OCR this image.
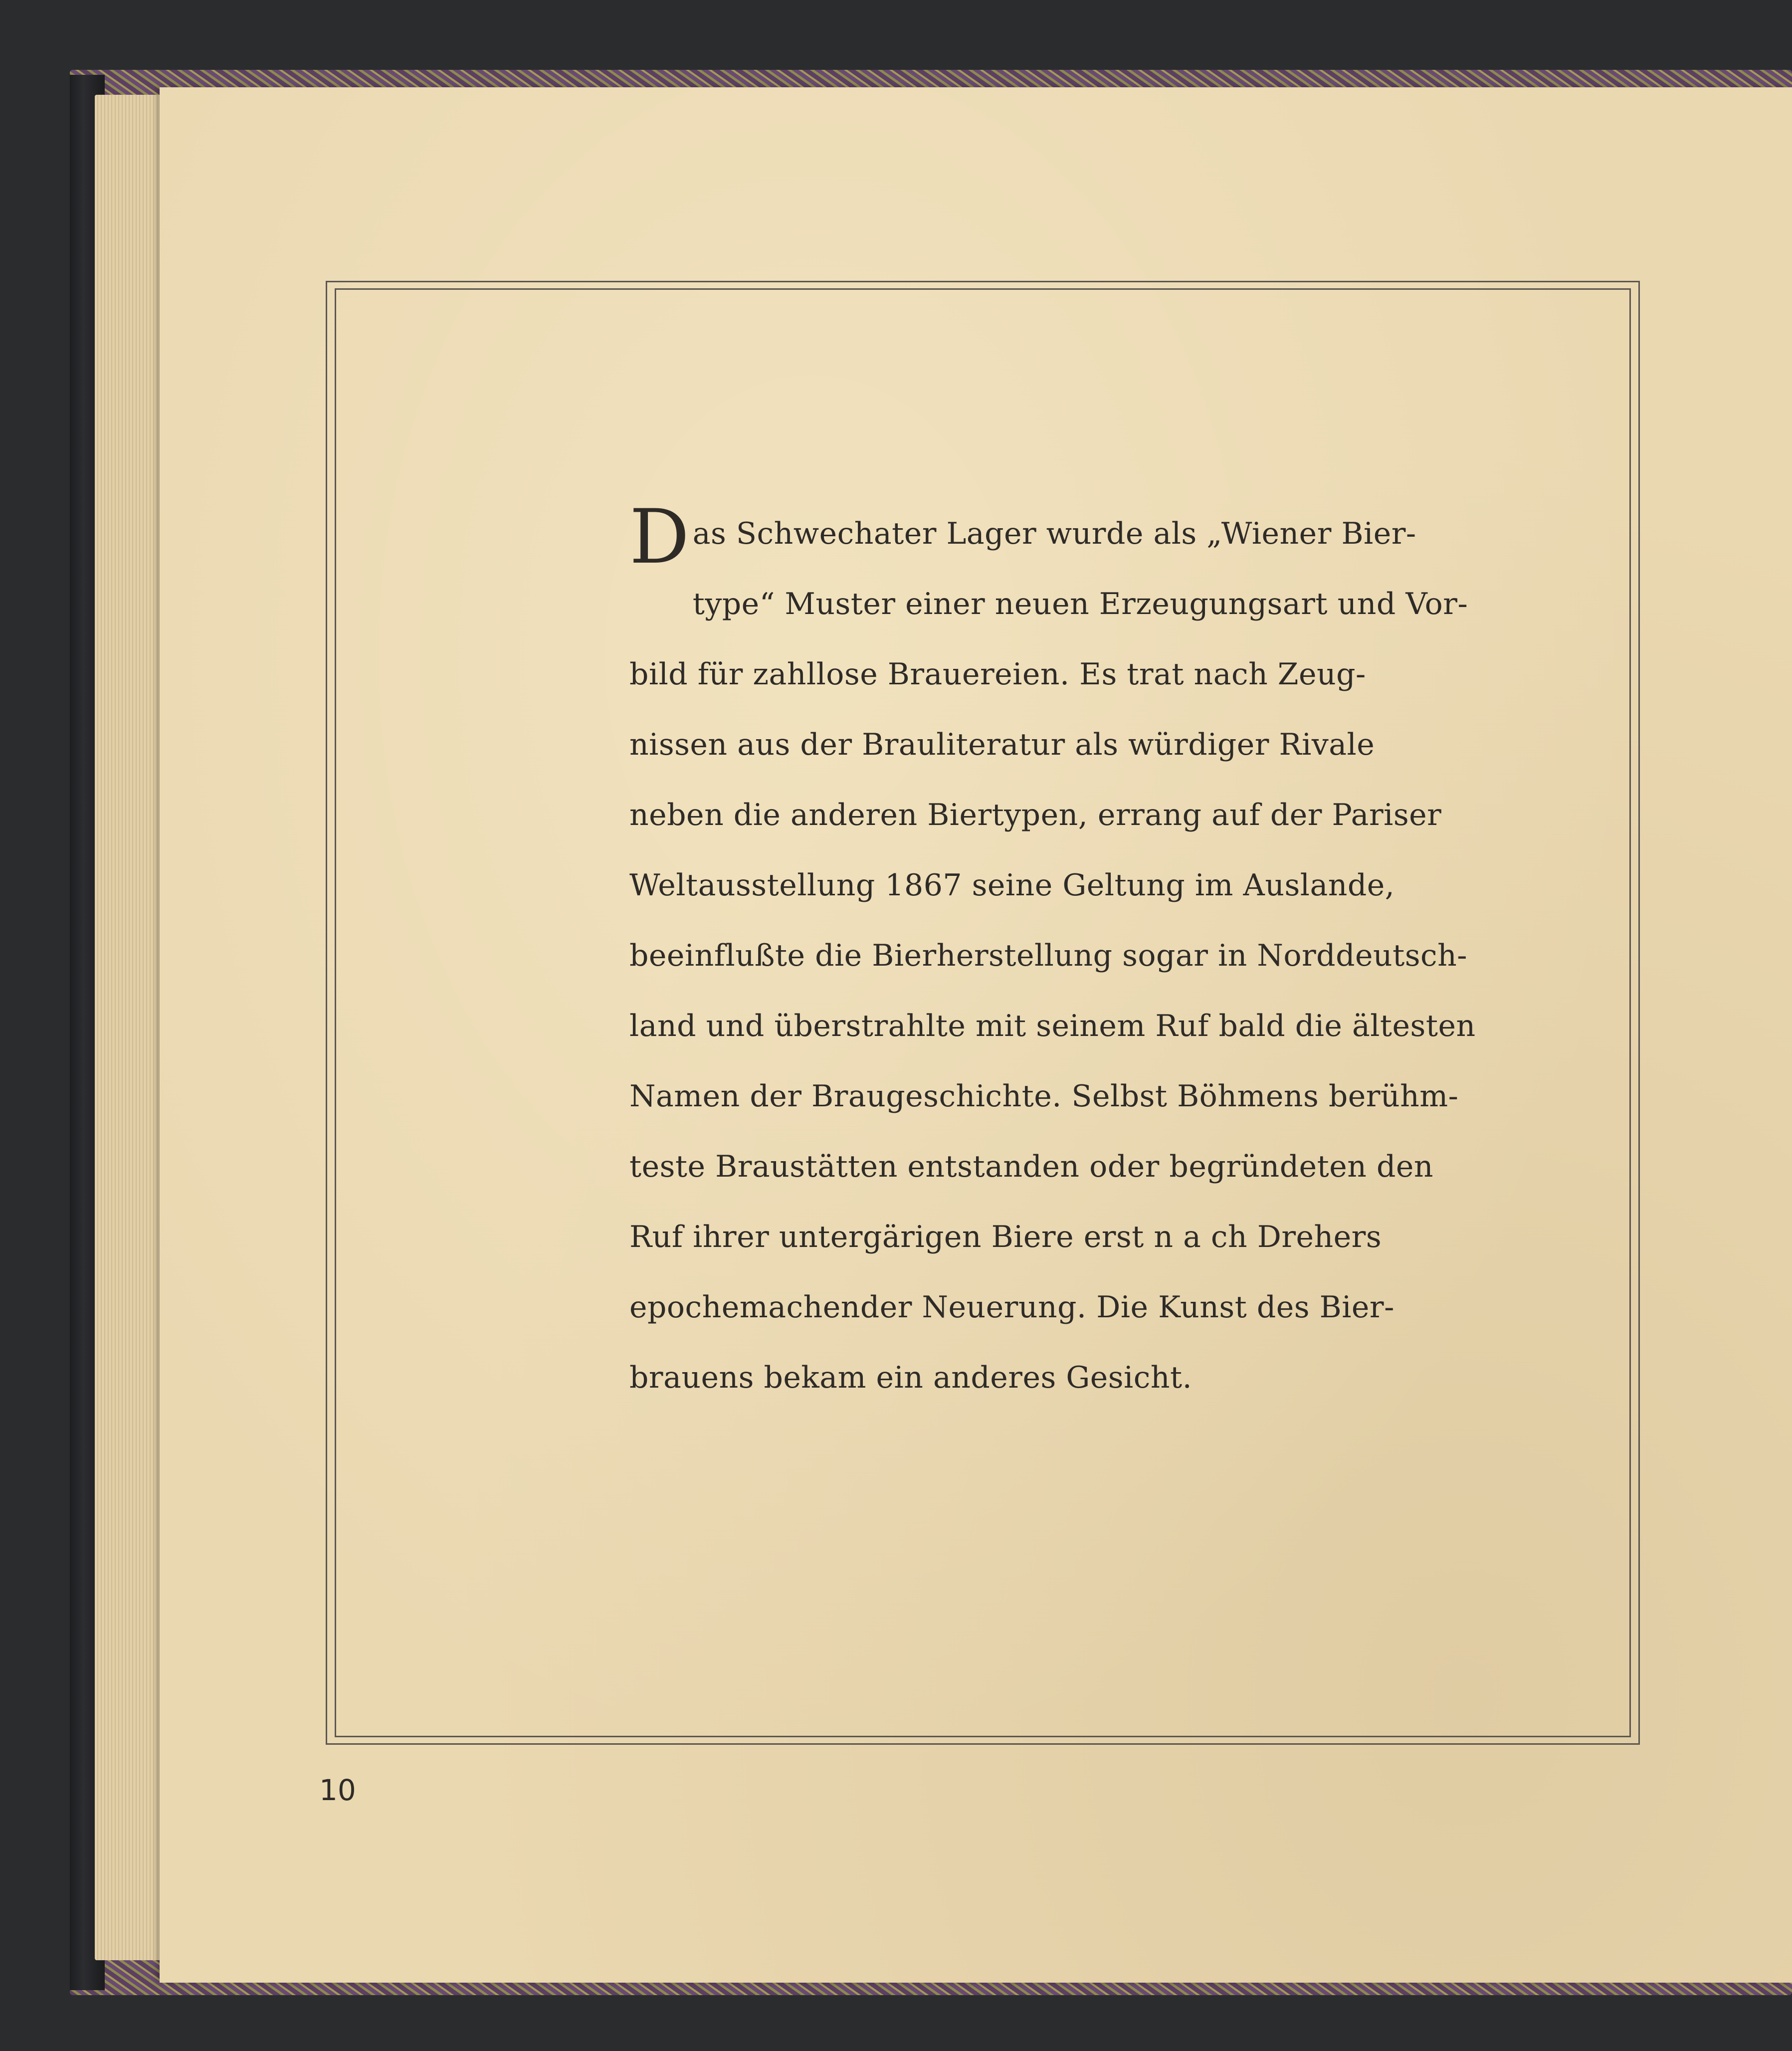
D as Schwechater Lager wurde als „Wiener Bier-
type“ Muster einer neuen Erzeugungsart und Vor-
bild für zahllose Brauereien. Es trat nach Zeug-
nissen aus der Brauliteratur als würdiger Rivale
neben die anderen Biertypen, errang auf der Pariser
Weltausstellung 1867 seine Geltung im Auslande,
beeinflußte die Bierherstellung sogar in Norddeutsch-
land und überstrahlte mit seinem Ruf bald die ältesten
Namen der Braugeschichte. Selbst Böhmens berühm-
teste Braustätten entstanden oder begründeten den
Ruf ihrer untergärigen Biere erst n a ch Drehers
epochemachender Neuerung. Die Kunst des Bier-
brauens bekam ein anderes Gesicht.
10
